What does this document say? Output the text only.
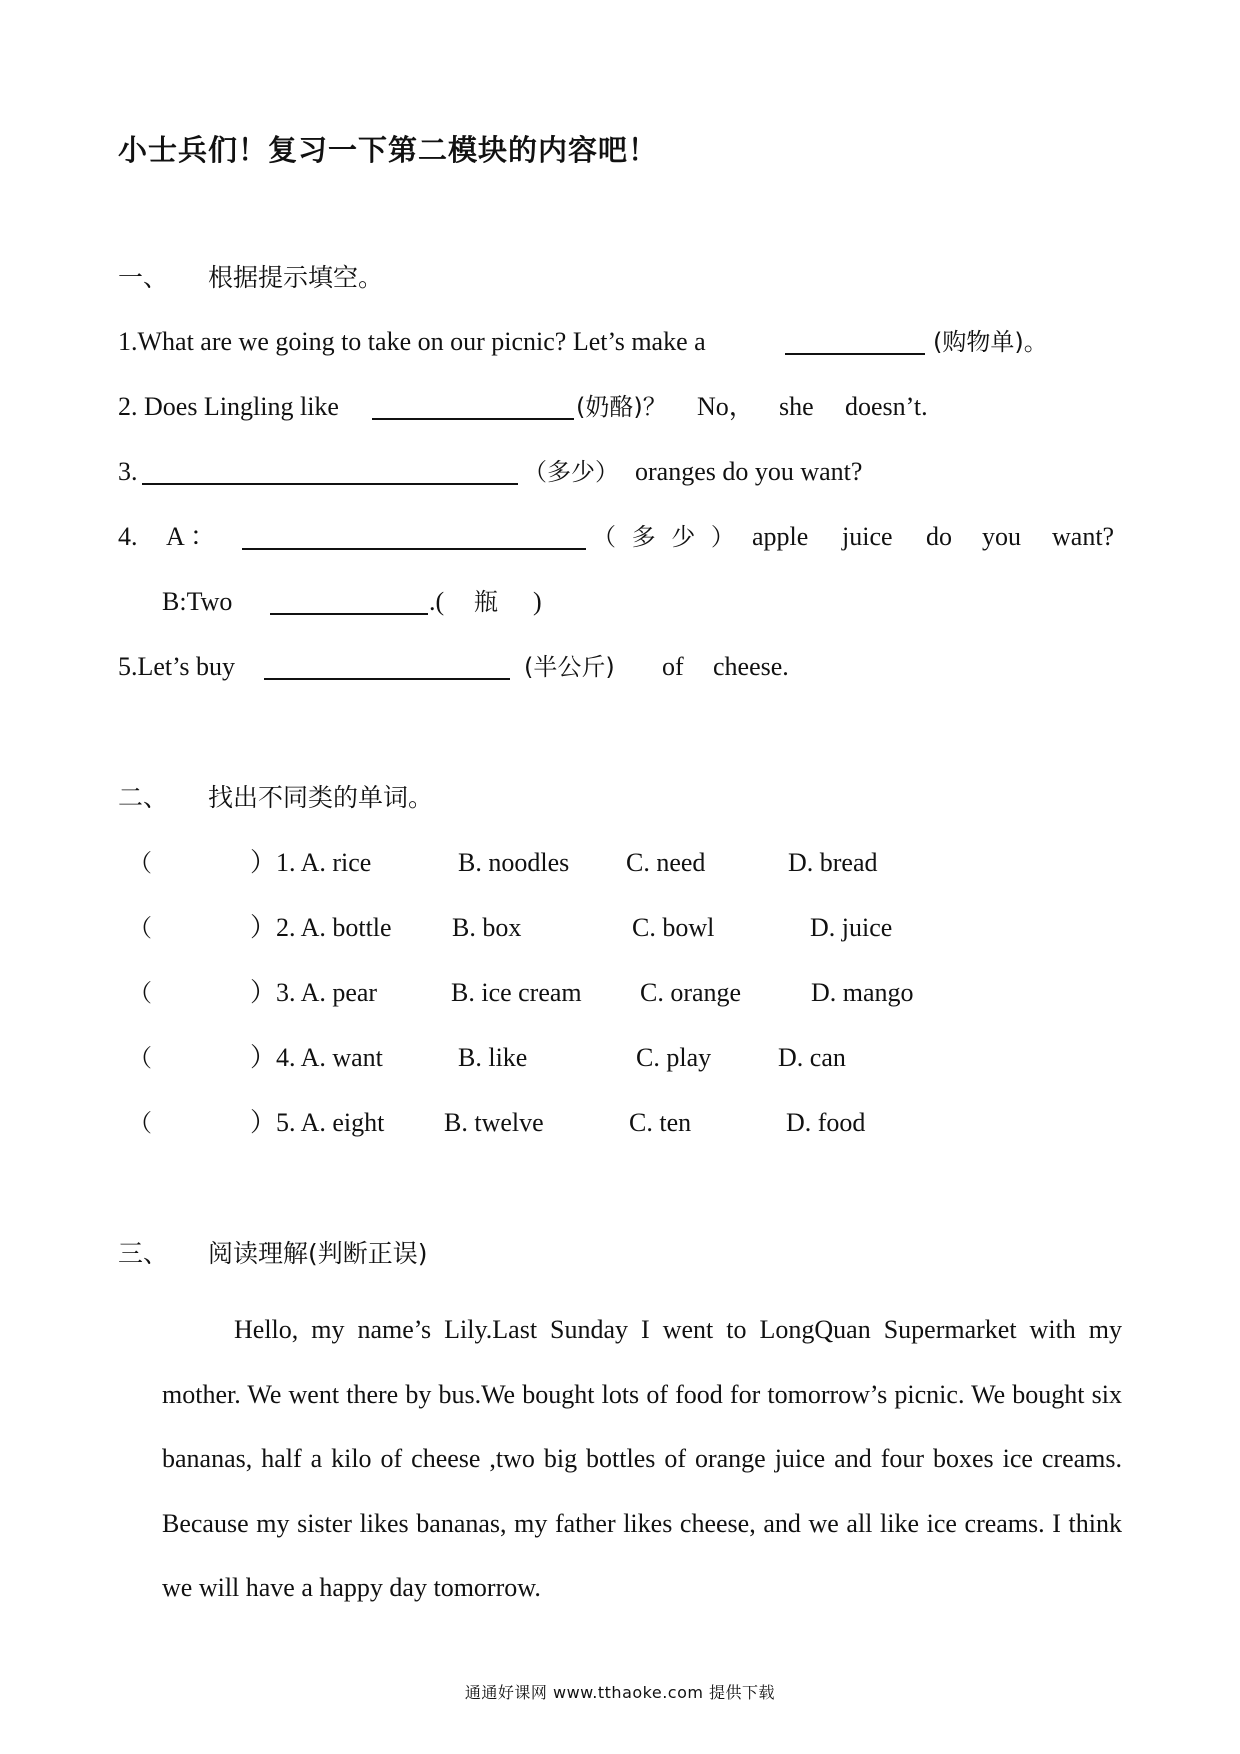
小士兵们！复习一下第二模块的内容吧！
一、 根据提示填空。
1.What are we going to take on our picnic? Let’s make a	(购物单)。
2. Does Lingling like	(奶酪)？ No， she doesn’t.
3.	（多少） oranges do you want?
4. A ：	（ 多 少 ） apple juice do you want?
B:Two	.( 瓶 )
5.Let’s buy	(半公斤) of cheese.
二、 找出不同类的单词。
（	）1. A. rice	B. noodles C. need	D. bread
（	）2. A. bottle B. box	C. bowl	D. juice
（	）3. A. pear	B. ice cream C. orange	D. mango
（	）4. A. want	B. like	C. play	D. can
（	）5. A. eight B. twelve	C. ten	D. food
三、 阅读理解(判断正误)

Hello, my name’s Lily.Last Sunday I went to LongQuan Supermarket with my mother. We went there by bus.We bought lots of food for tomorrow’s picnic. We bought six bananas, half a kilo of cheese ,two big bottles of orange juice and four boxes ice creams. Because my sister likes bananas, my father likes cheese, and we all like ice creams. I think we will have a happy day tomorrow.

通通好课网 www.tthaoke.com 提供下载
